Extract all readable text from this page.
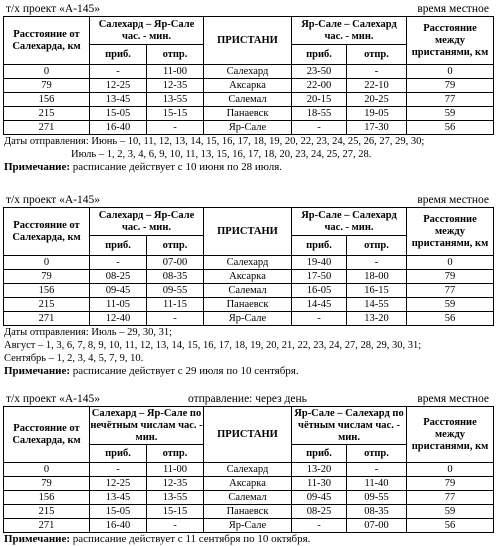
т/х проект «А-145»	время местное
Расстояние от Салехарда, км	Салехард – Яр-Сале час. - мин.		ПРИСТАНИ	Яр-Сале – Салехард час. - мин.		Расстояние между пристанями, км
	приб.	отпр.		приб.	отпр.	
0	-	11-00	Салехард	23-50	-	0
79	12-25	12-35	Аксарка	22-00	22-10	79
156	13-45	13-55	Салемал	20-15	20-25	77
215	15-05	15-15	Панаевск	18-55	19-05	59
271	16-40	-	Яр-Сале	-	17-30	56
Даты отправления: Июнь – 10, 11, 12, 13, 14, 15, 16, 17, 18, 19, 20, 22, 23, 24, 25, 26, 27, 29, 30;
Июль – 1, 2, 3, 4, 6, 9, 10, 11, 13, 15, 16, 17, 18, 20, 23, 24, 25, 27, 28.
Примечание: расписание действует с 10 июня по 28 июля.
т/х проект «А-145»	время местное
Расстояние от Салехарда, км	Салехард – Яр-Сале час. - мин.		ПРИСТАНИ	Яр-Сале – Салехард час. - мин.		Расстояние между пристанями, км
	приб.	отпр.		приб.	отпр.	
0	-	07-00	Салехард	19-40	-	0
79	08-25	08-35	Аксарка	17-50	18-00	79
156	09-45	09-55	Салемал	16-05	16-15	77
215	11-05	11-15	Панаевск	14-45	14-55	59
271	12-40	-	Яр-Сале	-	13-20	56
Даты отправления: Июль – 29, 30, 31;
Август – 1, 3, 6, 7, 8, 9, 10, 11, 12, 13, 14, 15, 16, 17, 18, 19, 20, 21, 22, 23, 24, 27, 28, 29, 30, 31;
Сентябрь – 1, 2, 3, 4, 5, 7, 9, 10.
Примечание: расписание действует с 29 июля по 10 сентября.
т/х проект «А-145»	отправление: через день	время местное
Расстояние от Салехарда, км	Салехард – Яр-Сале по нечётным числам час. - мин.		ПРИСТАНИ	Яр-Сале – Салехард по чётным числам час. - мин.		Расстояние между пристанями, км
	приб.	отпр.		приб.	отпр.	
0	-	11-00	Салехард	13-20	-	0
79	12-25	12-35	Аксарка	11-30	11-40	79
156	13-45	13-55	Салемал	09-45	09-55	77
215	15-05	15-15	Панаевск	08-25	08-35	59
271	16-40	-	Яр-Сале	-	07-00	56
Примечание: расписание действует с 11 сентября по 10 октября.
